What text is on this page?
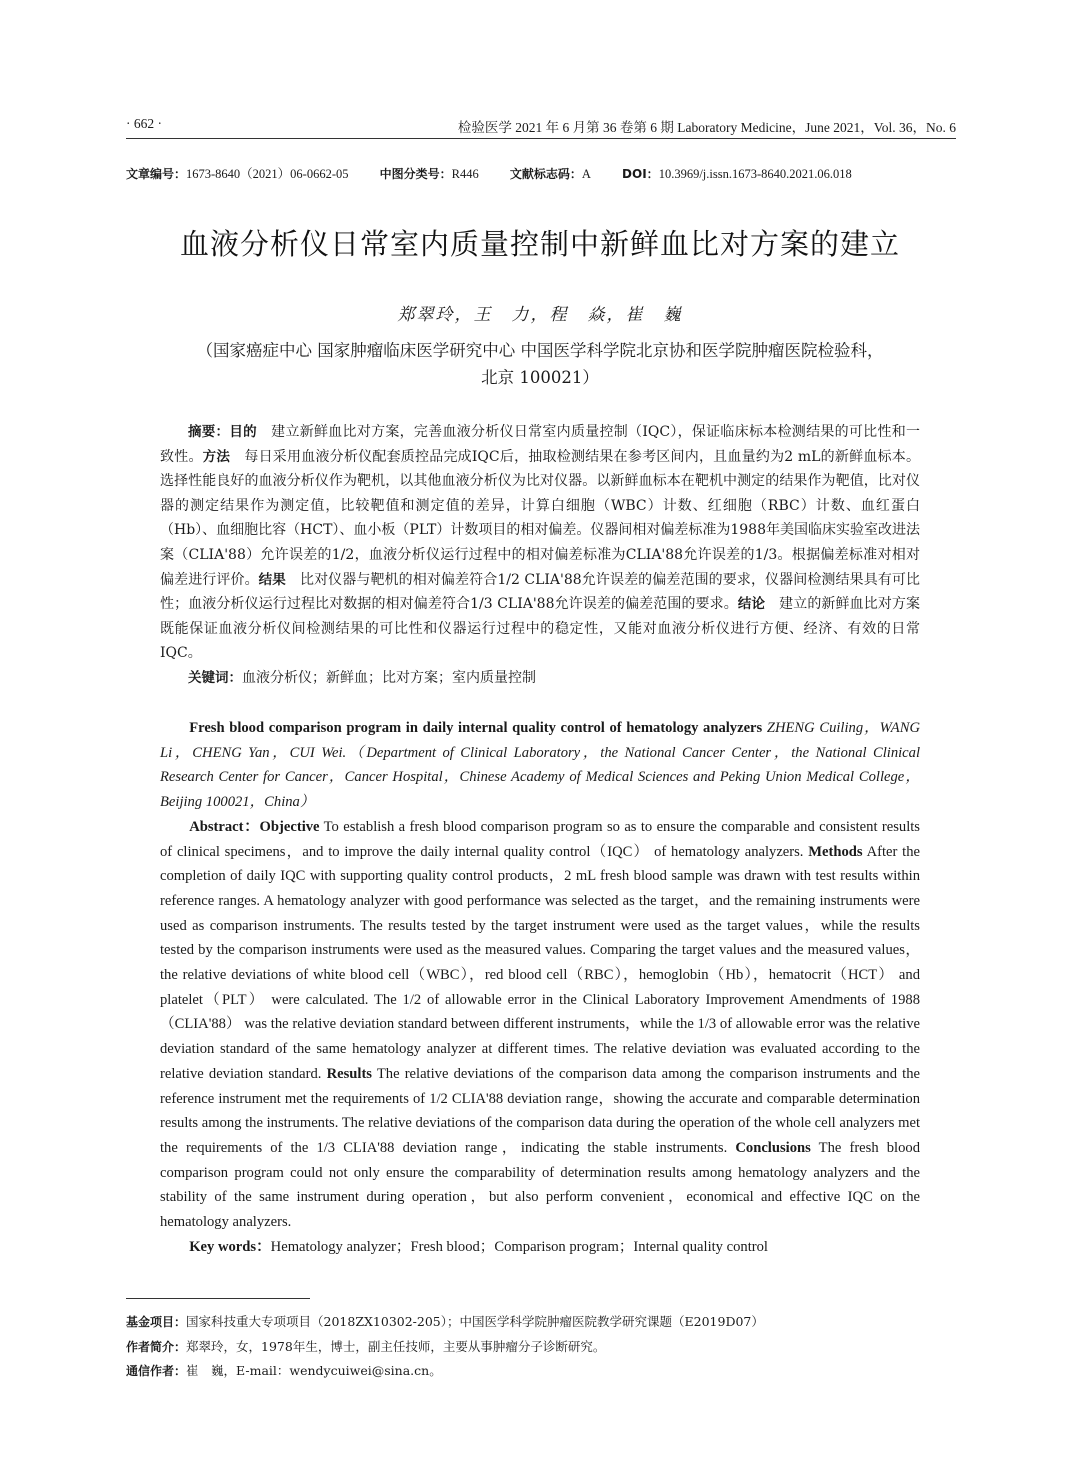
· 662 ·	检验医学 2021 年 6 月第 36 卷第 6 期 Laboratory Medicine，June 2021，Vol. 36，No. 6
文章编号：1673-8640（2021）06-0662-05	中图分类号：R446	文献标志码：A	DOI：10.3969/j.issn.1673-8640.2021.06.018
血液分析仪日常室内质量控制中新鲜血比对方案的建立
郑翠玲，王　力，程　焱，崔　巍
（国家癌症中心 国家肿瘤临床医学研究中心 中国医学科学院北京协和医学院肿瘤医院检验科，
北京 100021）

摘要：目的　建立新鲜血比对方案，完善血液分析仪日常室内质量控制（IQC），保证临床标本检测结果的可比性和一致性。方法　每日采用血液分析仪配套质控品完成IQC后，抽取检测结果在参考区间内，且血量约为2 mL的新鲜血标本。选择性能良好的血液分析仪作为靶机，以其他血液分析仪为比对仪器。以新鲜血标本在靶机中测定的结果作为靶值，比对仪器的测定结果作为测定值，比较靶值和测定值的差异，计算白细胞（WBC）计数、红细胞（RBC）计数、血红蛋白（Hb）、血细胞比容（HCT）、血小板（PLT）计数项目的相对偏差。仪器间相对偏差标准为1988年美国临床实验室改进法案（CLIA'88）允许误差的1/2，血液分析仪运行过程中的相对偏差标准为CLIA'88允许误差的1/3。根据偏差标准对相对偏差进行评价。结果　比对仪器与靶机的相对偏差符合1/2 CLIA'88允许误差的偏差范围的要求，仪器间检测结果具有可比性；血液分析仪运行过程比对数据的相对偏差符合1/3 CLIA'88允许误差的偏差范围的要求。结论　建立的新鲜血比对方案既能保证血液分析仪间检测结果的可比性和仪器运行过程中的稳定性，又能对血液分析仪进行方便、经济、有效的日常IQC。

关键词：血液分析仪；新鲜血；比对方案；室内质量控制

Fresh blood comparison program in daily internal quality control of hematology analyzers ZHENG Cuiling，WANG Li，CHENG Yan，CUI Wei.（Department of Clinical Laboratory，the National Cancer Center，the National Clinical Research Center for Cancer，Cancer Hospital，Chinese Academy of Medical Sciences and Peking Union Medical College，Beijing 100021，China）

Abstract：Objective To establish a fresh blood comparison program so as to ensure the comparable and consistent results of clinical specimens，and to improve the daily internal quality control（IQC） of hematology analyzers. Methods After the completion of daily IQC with supporting quality control products，2 mL fresh blood sample was drawn with test results within reference ranges. A hematology analyzer with good performance was selected as the target，and the remaining instruments were used as comparison instruments. The results tested by the target instrument were used as the target values，while the results tested by the comparison instruments were used as the measured values. Comparing the target values and the measured values，the relative deviations of white blood cell（WBC），red blood cell（RBC），hemoglobin（Hb），hematocrit（HCT） and platelet（PLT） were calculated. The 1/2 of allowable error in the Clinical Laboratory Improvement Amendments of 1988（CLIA'88） was the relative deviation standard between different instruments，while the 1/3 of allowable error was the relative deviation standard of the same hematology analyzer at different times. The relative deviation was evaluated according to the relative deviation standard. Results The relative deviations of the comparison data among the comparison instruments and the reference instrument met the requirements of 1/2 CLIA'88 deviation range，showing the accurate and comparable determination results among the instruments. The relative deviations of the comparison data during the operation of the whole cell analyzers met the requirements of the 1/3 CLIA'88 deviation range，indicating the stable instruments. Conclusions The fresh blood comparison program could not only ensure the comparability of determination results among hematology analyzers and the stability of the same instrument during operation，but also perform convenient，economical and effective IQC on the hematology analyzers.

Key words：Hematology analyzer；Fresh blood；Comparison program；Internal quality control

基金项目：国家科技重大专项项目（2018ZX10302-205）；中国医学科学院肿瘤医院教学研究课题（E2019D07）
作者简介：郑翠玲，女，1978年生，博士，副主任技师，主要从事肿瘤分子诊断研究。
通信作者：崔　巍，E-mail：wendycuiwei@sina.cn。
